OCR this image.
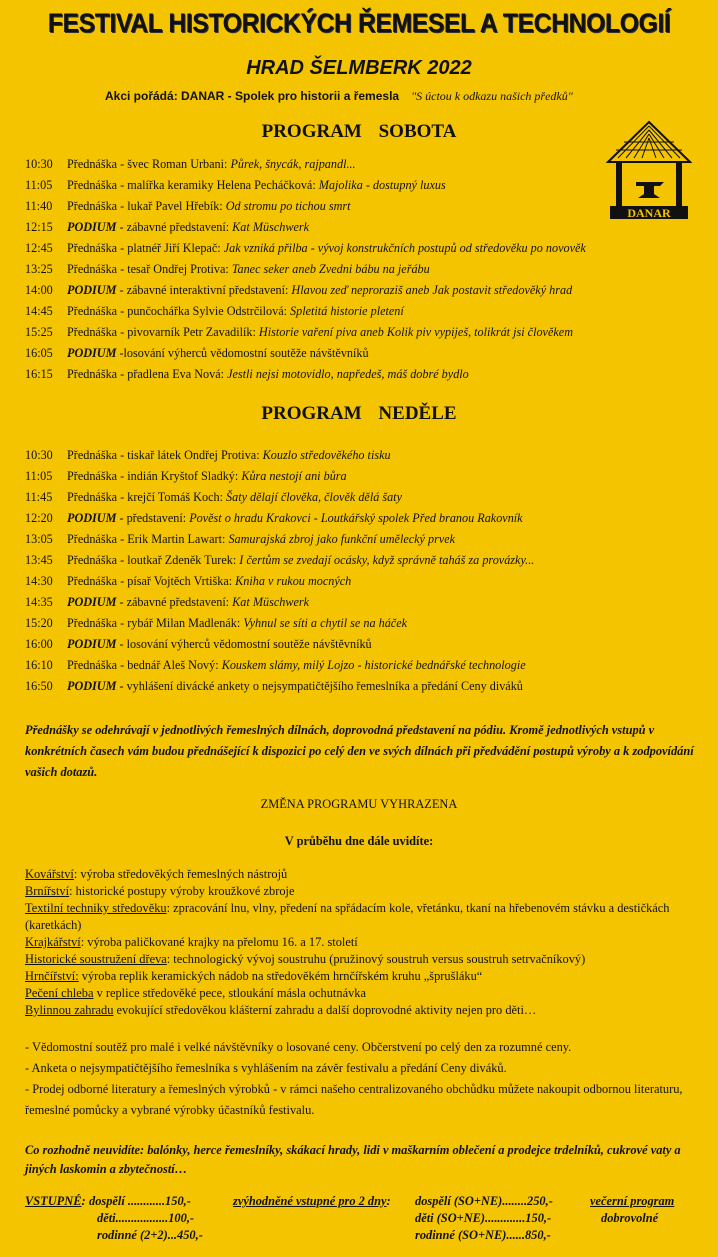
FESTIVAL HISTORICKÝCH ŘEMESEL A TECHNOLOGIÍ
HRAD ŠELMBERK 2022
Akci pořádá: DANAR - Spolek pro historii a řemesla "S úctou k odkazu našich předků"
DANAR
PROGRAM SOBOTA
10:30 Přednáška - švec Roman Urbani: Půrek, šnycák, rajpandl...
11:05 Přednáška - malířka keramiky Helena Pecháčková: Majolika - dostupný luxus
11:40 Přednáška - lukař Pavel Hřebík: Od stromu po tichou smrt
12:15 PODIUM - zábavné představení: Kat Müschwerk
12:45 Přednáška - platnéř Jiří Klepač: Jak vzniká přilba - vývoj konstrukčních postupů od středověku po novověk
13:25 Přednáška - tesař Ondřej Protiva: Tanec seker aneb Zvedni bábu na jeřábu
14:00 PODIUM - zábavné interaktivní představení: Hlavou zeď neproraziš aneb Jak postavit středověký hrad
14:45 Přednáška - punčochářka Sylvie Odstrčilová: Spletitá historie pletení
15:25 Přednáška - pivovarník Petr Zavadilík: Historie vaření piva aneb Kolik piv vypiješ, tolikrát jsi člověkem
16:05 PODIUM -losování výherců vědomostní soutěže návštěvníků
16:15 Přednáška - přadlena Eva Nová: Jestli nejsi motovidlo, napředeš, máš dobré bydlo
PROGRAM NEDĚLE
10:30 Přednáška - tiskař látek Ondřej Protiva: Kouzlo středověkého tisku
11:05 Přednáška - indián Kryštof Sladký: Kůra nestojí ani bůra
11:45 Přednáška - krejčí Tomáš Koch: Šaty dělají člověka, člověk dělá šaty
12:20 PODIUM - představení: Pověst o hradu Krakovci - Loutkářský spolek Před branou Rakovník
13:05 Přednáška - Erik Martin Lawart: Samurajská zbroj jako funkční umělecký prvek
13:45 Přednáška - loutkař Zdeněk Turek: I čertům se zvedají ocásky, když správně taháš za provázky...
14:30 Přednáška - písař Vojtěch Vrtiška: Kniha v rukou mocných
14:35 PODIUM - zábavné představení: Kat Müschwerk
15:20 Přednáška - rybář Milan Madlenák: Vyhnul se síti a chytil se na háček
16:00 PODIUM - losování výherců vědomostní soutěže návštěvníků
16:10 Přednáška - bednář Aleš Nový: Kouskem slámy, milý Lojzo - historické bednářské technologie
16:50 PODIUM - vyhlášení divácké ankety o nejsympatičtějšího řemeslníka a předání Ceny diváků
Přednášky se odehrávají v jednotlivých řemeslných dílnách, doprovodná představení na pódiu. Kromě jednotlivých vstupů v konkrétních časech vám budou přednášející k dispozici po celý den ve svých dílnách při předvádění postupů výroby a k zodpovídání vašich dotazů.
ZMĚNA PROGRAMU VYHRAZENA
V průběhu dne dále uvidíte:
Kovářství: výroba středověkých řemeslných nástrojů
Brnířství: historické postupy výroby kroužkové zbroje
Textilní techniky středověku: zpracování lnu, vlny, předení na spřádacím kole, vřetánku, tkaní na hřebenovém stávku a destičkách (karetkách)
Krajkářství: výroba paličkované krajky na přelomu 16. a 17. století
Historické soustružení dřeva: technologický vývoj soustruhu (pružinový soustruh versus soustruh setrvačníkový)
Hrnčířství: výroba replik keramických nádob na středověkém hrnčířském kruhu „šprušláku“
Pečení chleba v replice středověké pece, stloukání másla ochutnávka
Bylinnou zahradu evokující středověkou klášterní zahradu a další doprovodné aktivity nejen pro děti…
- Vědomostní soutěž pro malé i velké návštěvníky o losované ceny. Občerstvení po celý den za rozumné ceny.
- Anketa o nejsympatičtějšího řemeslníka s vyhlášením na závěr festivalu a předání Ceny diváků.
- Prodej odborné literatury a řemeslných výrobků - v rámci našeho centralizovaného obchůdku můžete nakoupit odbornou literaturu, řemeslné pomůcky a vybrané výrobky účastníků festivalu.
Co rozhodně neuvidíte: balónky, herce řemeslníky, skákací hrady, lidi v maškarním oblečení a prodejce trdelníků, cukrové vaty a jiných laskomin a zbytečností…
VSTUPNÉ: dospělí ............150,-
děti.................100,-
rodinné (2+2)...450,-
zvýhodněné vstupné pro 2 dny: dospělí (SO+NE)........250,-
děti (SO+NE).............150,-
rodinné (SO+NE)......850,-
večerní program
dobrovolné
